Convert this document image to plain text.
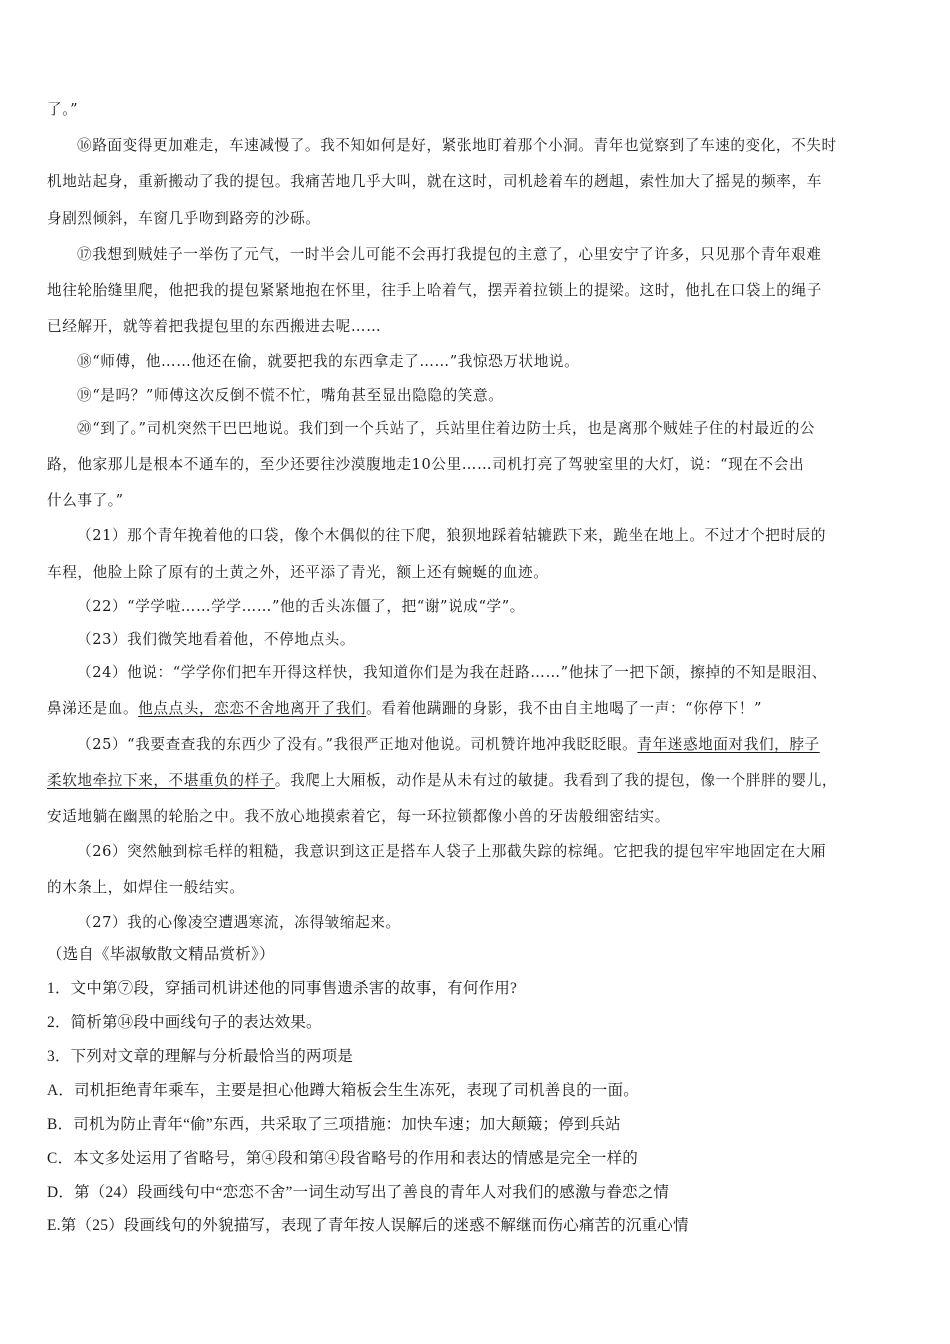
了。”
⑯路面变得更加难走，车速减慢了。我不知如何是好，紧张地盯着那个小洞。青年也觉察到了车速的变化，不失时
机地站起身，重新搬动了我的提包。我痛苦地几乎大叫，就在这时，司机趁着车的趔趄，索性加大了摇晃的频率，车
身剧烈倾斜，车窗几乎吻到路旁的沙砾。
⑰我想到贼娃子一举伤了元气，一时半会儿可能不会再打我提包的主意了，心里安宁了许多，只见那个青年艰难
地往轮胎缝里爬，他把我的提包紧紧地抱在怀里，往手上哈着气，摆弄着拉锁上的提梁。这时，他扎在口袋上的绳子
已经解开，就等着把我提包里的东西搬进去呢……
⑱“师傅，他……他还在偷，就要把我的东西拿走了……”我惊恐万状地说。
⑲“是吗？”师傅这次反倒不慌不忙，嘴角甚至显出隐隐的笑意。
⑳“到了。”司机突然干巴巴地说。我们到一个兵站了，兵站里住着边防士兵，也是离那个贼娃子住的村最近的公
路，他家那儿是根本不通车的，至少还要往沙漠腹地走10公里……司机打亮了驾驶室里的大灯，说：“现在不会出
什么事了。”
（21）那个青年挽着他的口袋，像个木偶似的往下爬，狼狈地踩着轱辘跌下来，跪坐在地上。不过才个把时辰的
车程，他脸上除了原有的土黄之外，还平添了青光，额上还有蜿蜒的血迹。
（22）“学学啦……学学……”他的舌头冻僵了，把“谢”说成“学”。
（23）我们微笑地看着他，不停地点头。
（24）他说：“学学你们把车开得这样快，我知道你们是为我在赶路……”他抹了一把下颌，擦掉的不知是眼泪、
鼻涕还是血。他点点头，恋恋不舍地离开了我们。看着他蹒跚的身影，我不由自主地喝了一声：“你停下！”
（25）“我要查查我的东西少了没有。”我很严正地对他说。司机赞许地冲我眨眨眼。青年迷惑地面对我们，脖子
柔软地牵拉下来，不堪重负的样子。我爬上大厢板，动作是从未有过的敏捷。我看到了我的提包，像一个胖胖的婴儿，
安适地躺在幽黑的轮胎之中。我不放心地摸索着它，每一环拉锁都像小兽的牙齿般细密结实。
（26）突然触到棕毛样的粗糙，我意识到这正是搭车人袋子上那截失踪的棕绳。它把我的提包牢牢地固定在大厢
的木条上，如焊住一般结实。
（27）我的心像凌空遭遇寒流，冻得皱缩起来。
（选自《毕淑敏散文精品赏析》）
1．文中第⑦段，穿插司机讲述他的同事售遗杀害的故事，有何作用?
2．简析第⑭段中画线句子的表达效果。
3．下列对文章的理解与分析最恰当的两项是
A．司机拒绝青年乘车，主要是担心他蹲大箱板会生生冻死，表现了司机善良的一面。
B．司机为防止青年“偷”东西，共采取了三项措施：加快车速；加大颠簸；停到兵站
C．本文多处运用了省略号，第④段和第④段省略号的作用和表达的情感是完全一样的
D．第（24）段画线句中“恋恋不舍”一词生动写出了善良的青年人对我们的感激与眷恋之情
E.第（25）段画线句的外貌描写，表现了青年按人误解后的迷惑不解继而伤心痛苦的沉重心情
